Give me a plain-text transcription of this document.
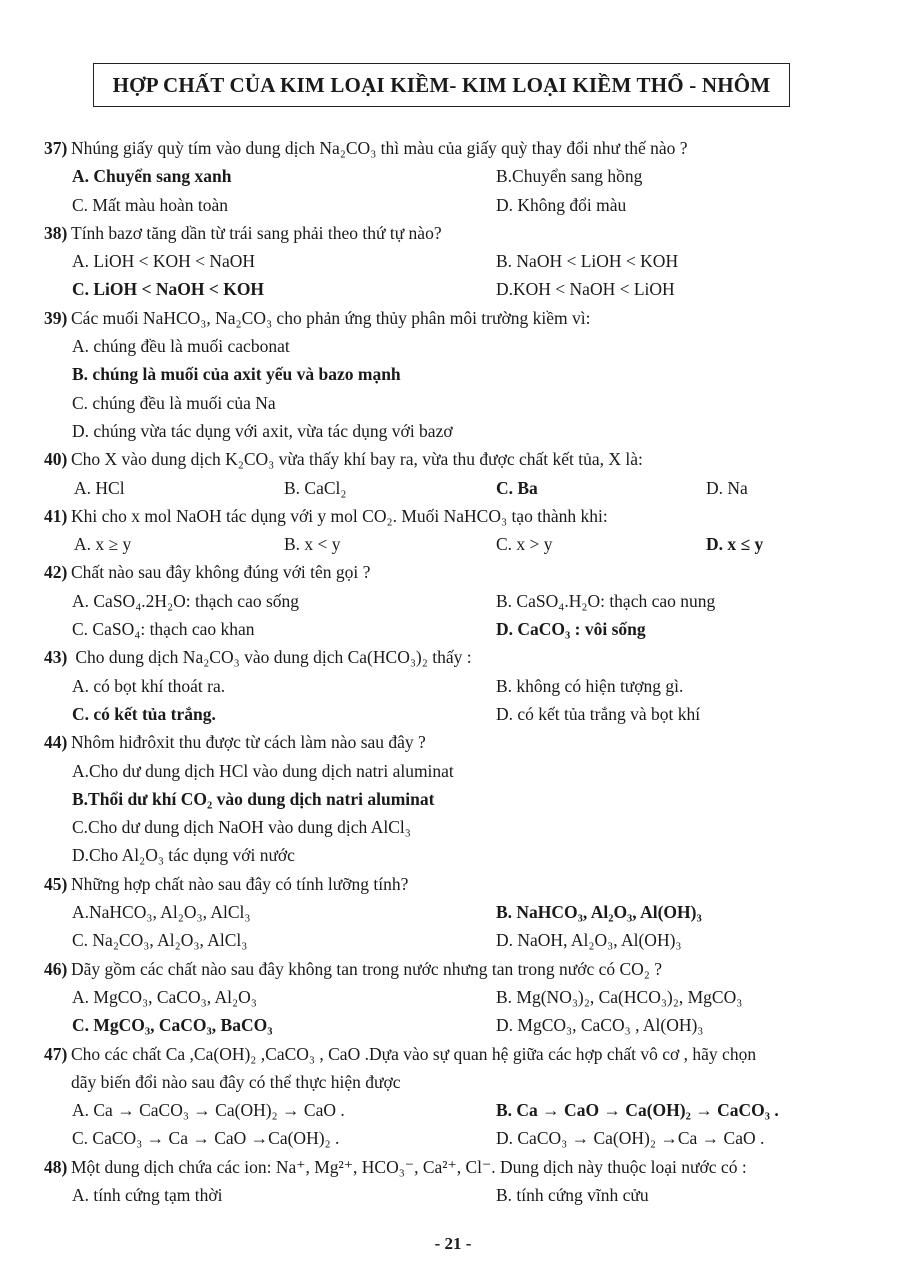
HỢP CHẤT CỦA KIM LOẠI KIỀM- KIM LOẠI KIỀM THỔ - NHÔM
37) Nhúng giấy quỳ tím vào dung dịch Na₂CO₃ thì màu của giấy quỳ thay đổi như thế nào ?
A. Chuyển sang xanh	B.Chuyển sang hồng
C. Mất màu hoàn toàn	D. Không đổi màu
38) Tính bazơ tăng dần từ trái sang phải theo thứ tự nào?
A. LiOH < KOH < NaOH	B. NaOH < LiOH < KOH
C. LiOH < NaOH < KOH	D.KOH < NaOH < LiOH
39) Các muối NaHCO₃, Na₂CO₃ cho phản ứng thủy phân môi trường kiềm vì:
A. chúng đều là muối cacbonat
B. chúng là muối của axit yếu và bazo mạnh
C. chúng đều là muối của Na
D. chúng vừa tác dụng với axit, vừa tác dụng với bazơ
40) Cho X vào dung dịch K₂CO₃ vừa thấy khí bay ra, vừa thu được chất kết tủa, X là:
A. HCl	B. CaCl₂	C. Ba	D. Na
41) Khi cho x mol NaOH tác dụng với y mol CO₂. Muối NaHCO₃ tạo thành khi:
A. x ≥ y	B. x < y	C. x > y	D. x ≤ y
42) Chất nào sau đây không đúng với tên gọi ?
A. CaSO₄.2H₂O: thạch cao sống	B. CaSO₄.H₂O: thạch cao nung
C. CaSO₄: thạch cao khan	D. CaCO₃ : vôi sống
43) Cho dung dịch Na₂CO₃ vào dung dịch Ca(HCO₃)₂ thấy :
A. có bọt khí thoát ra.	B. không có hiện tượng gì.
C. có kết tủa trắng.	D. có kết tủa trắng và bọt khí
44) Nhôm hiđrôxit thu được từ cách làm nào sau đây ?
A.Cho dư dung dịch HCl vào dung dịch natri aluminat
B.Thổi dư khí CO₂ vào dung dịch natri aluminat
C.Cho dư dung dịch NaOH vào dung dịch AlCl₃
D.Cho Al₂O₃ tác dụng với nước
45) Những hợp chất nào sau đây có tính lưỡng tính?
A.NaHCO₃, Al₂O₃, AlCl₃	B. NaHCO₃, Al₂O₃, Al(OH)₃
C. Na₂CO₃, Al₂O₃, AlCl₃	D. NaOH, Al₂O₃, Al(OH)₃
46) Dãy gồm các chất nào sau đây không tan trong nước nhưng tan trong nước có CO₂ ?
A. MgCO₃, CaCO₃, Al₂O₃	B. Mg(NO₃)₂, Ca(HCO₃)₂, MgCO₃
C. MgCO₃, CaCO₃, BaCO₃	D. MgCO₃, CaCO₃ , Al(OH)₃
47) Cho các chất Ca ,Ca(OH)₂ ,CaCO₃ , CaO .Dựa vào sự quan hệ giữa các hợp chất vô cơ , hãy chọn
dãy biến đổi nào sau đây có thể thực hiện được
A. Ca → CaCO₃ → Ca(OH)₂ → CaO .	B. Ca → CaO → Ca(OH)₂ → CaCO₃ .
C. CaCO₃ → Ca → CaO →Ca(OH)₂ .	D. CaCO₃ → Ca(OH)₂ →Ca → CaO .
48) Một dung dịch chứa các ion: Na⁺, Mg²⁺, HCO₃⁻, Ca²⁺, Cl⁻. Dung dịch này thuộc loại nước có :
A. tính cứng tạm thời	B. tính cứng vĩnh cửu
- 21 -
